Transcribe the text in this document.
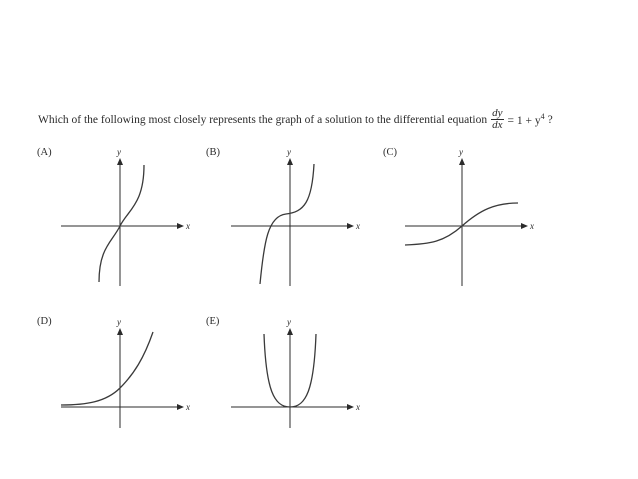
Which of the following most closely represents the graph of a solution to the differential equation $\frac{dy}{dx} = 1 + y^4$ ?
(A)	(B)	(C)
(D)	(E)
x
y
x
y
x
y
x
y
x
y
